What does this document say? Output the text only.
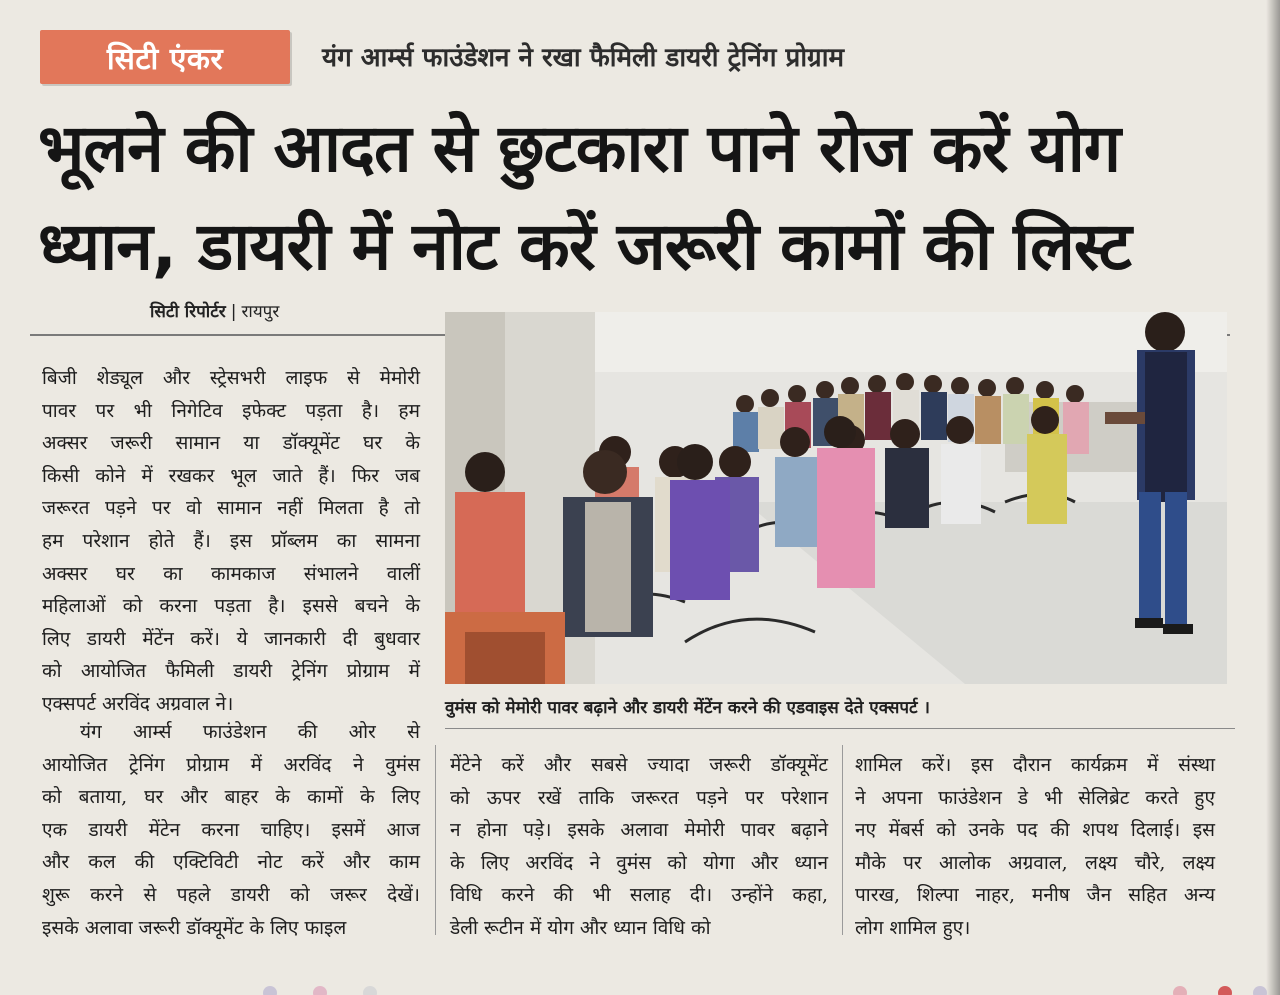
सिटी एंकर	यंग आर्म्स फाउंडेशन ने रखा फैमिली डायरी ट्रेनिंग प्रोग्राम
भूलने की आदत से छुटकारा पाने रोज करें योग
ध्यान, डायरी में नोट करें जरूरी कामों की लिस्ट
सिटी रिपोर्टर | रायपुर

बिजी शेड्यूल और स्ट्रेसभरी लाइफ से मेमोरी

पावर पर भी निगेटिव इफेक्ट पड़ता है। हम

अक्सर जरूरी सामान या डॉक्यूमेंट घर के

किसी कोने में रखकर भूल जाते हैं। फिर जब

जरूरत पड़ने पर वो सामान नहीं मिलता है तो

हम परेशान होते हैं। इस प्रॉब्लम का सामना

अक्सर घर का कामकाज संभालने वालीं

महिलाओं को करना पड़ता है। इससे बचने के

लिए डायरी मेंटेंन करें। ये जानकारी दी बुधवार

को आयोजित फैमिली डायरी ट्रेनिंग प्रोग्राम में

एक्सपर्ट अरविंद अग्रवाल ने।

यंग आर्म्स फाउंडेशन की ओर से

आयोजित ट्रेनिंग प्रोग्राम में अरविंद ने वुमंस

को बताया, घर और बाहर के कामों के लिए

एक डायरी मेंटेन करना चाहिए। इसमें आज

और कल की एक्टिविटी नोट करें और काम

शुरू करने से पहले डायरी को जरूर देखें।

इसके अलावा जरूरी डॉक्यूमेंट के लिए फाइल

मेंटेने करें और सबसे ज्यादा जरूरी डॉक्यूमेंट

को ऊपर रखें ताकि जरूरत पड़ने पर परेशान

न होना पड़े। इसके अलावा मेमोरी पावर बढ़ाने

के लिए अरविंद ने वुमंस को योगा और ध्यान

विधि करने की भी सलाह दी। उन्होंने कहा,

डेली रूटीन में योग और ध्यान विधि को

शामिल करें। इस दौरान कार्यक्रम में संस्था

ने अपना फाउंडेशन डे भी सेलिब्रेट करते हुए

नए मेंबर्स को उनके पद की शपथ दिलाई। इस

मौके पर आलोक अग्रवाल, लक्ष्य चौरे, लक्ष्य

पारख, शिल्पा नाहर, मनीष जैन सहित अन्य

लोग शामिल हुए।

वुमंस को मेमोरी पावर बढ़ाने और डायरी मेंटेंन करने की एडवाइस देते एक्सपर्ट ।
